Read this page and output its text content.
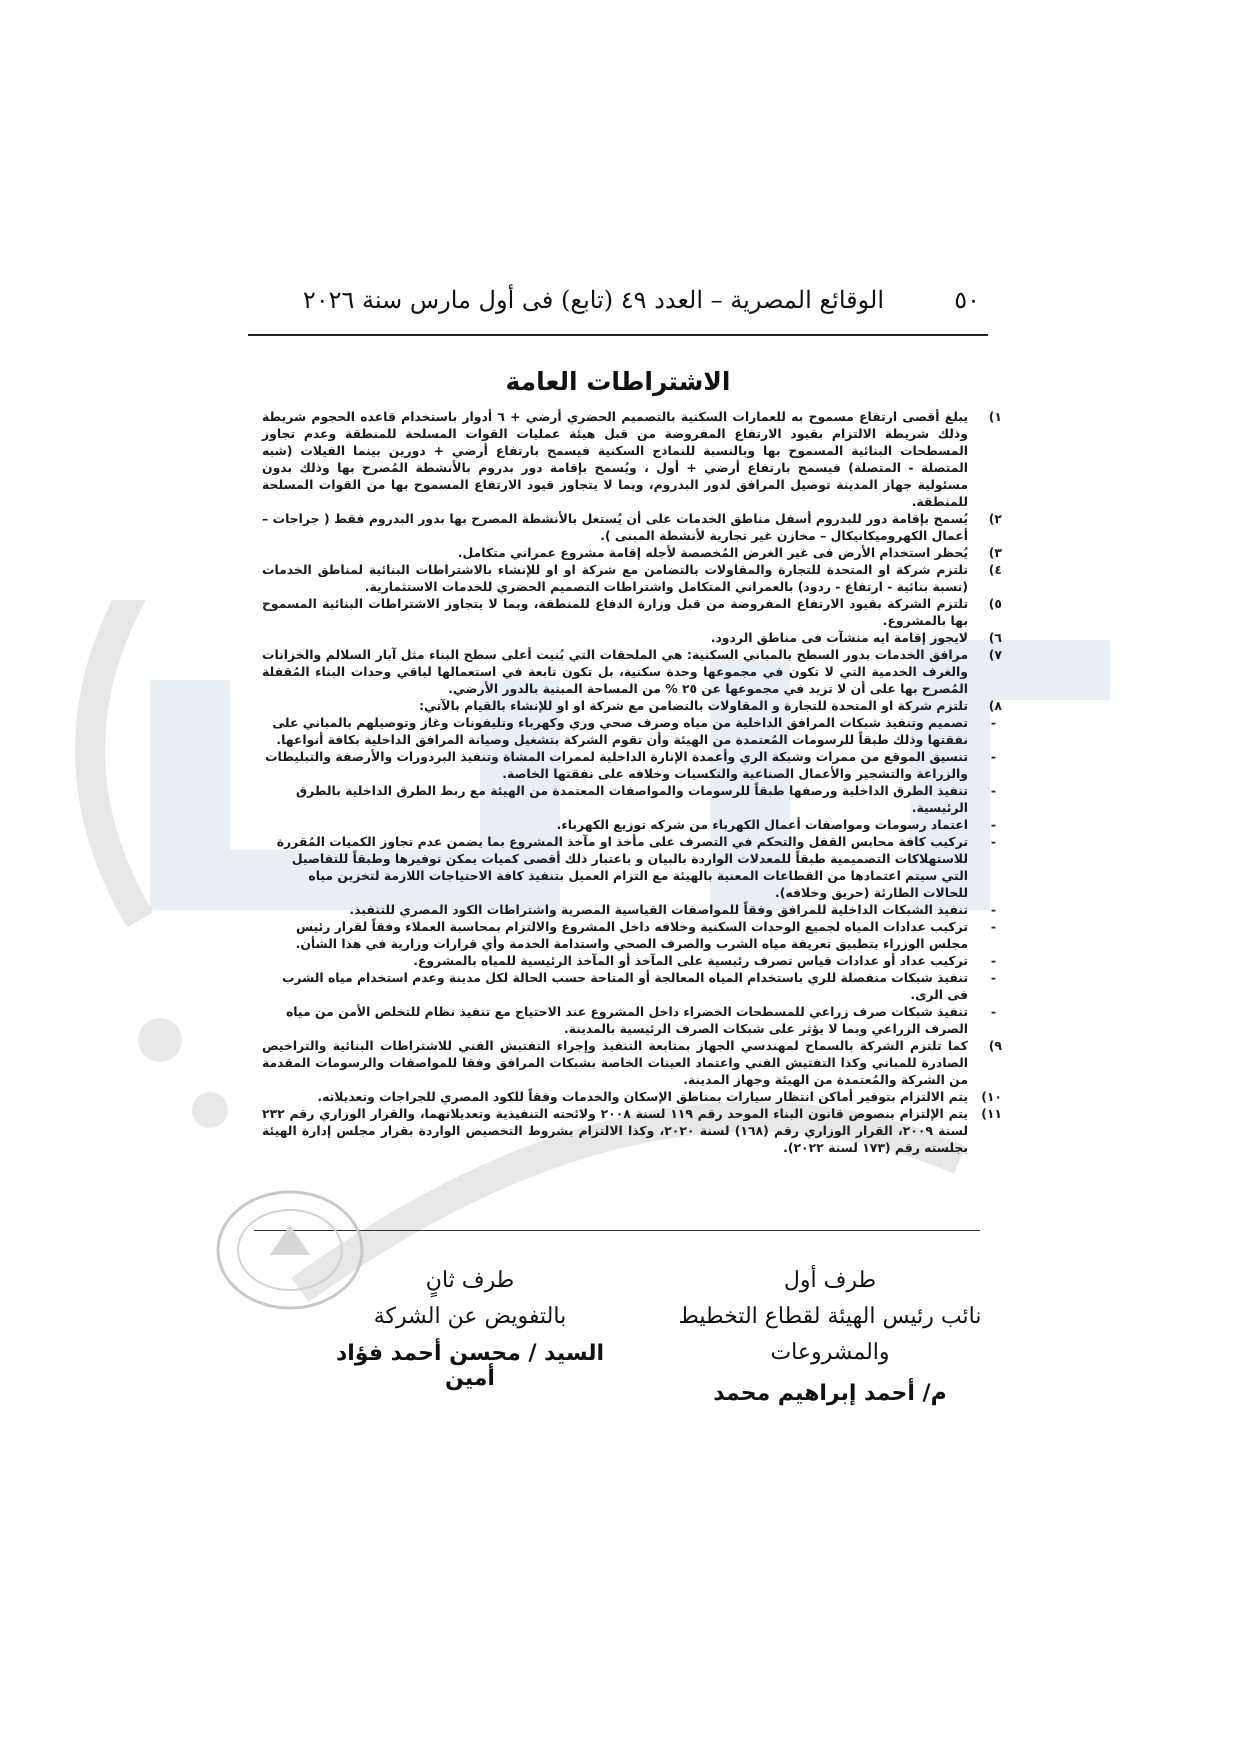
٥٠
الوقائع المصرية – العدد ٤٩ (تابع) فى أول مارس سنة ٢٠٢٦
الاشتراطات العامة

١)
يبلغ أقصى ارتفاع مسموح به للعمارات السكنية بالتصميم الحضري أرضي + ٦ أدوار باستخدام قاعده الحجوم شريطة وذلك شريطة الالتزام بقيود الارتفاع المفروضة من قبل هيئة عمليات القوات المسلحة للمنطقة وعدم تجاوز المسطحات البنائية المسموح بها وبالنسبة للنماذج السكنية فيسمح بارتفاع أرضي + دورين بينما الفيلات (شبه المتصلة - المتصلة) فيسمح بارتفاع أرضي + أول ، ويُسمح بإقامة دور بدروم بالأنشطة المُصرح بها وذلك بدون مسئولية جهاز المدينة توصيل المرافق لدور البدروم، وبما لا يتجاوز قيود الارتفاع المسموح بها من القوات المسلحة للمنطقة.

٢)
يُسمح بإقامة دور للبدروم أسفل مناطق الخدمات على أن يُستغل بالأنشطة المصرح بها بدور البدروم فقط ( جراجات – أعمال الكهروميكانيكال – مخازن غير تجارية لأنشطة المبنى ).

٣)
يُحظر استخدام الأرض فى غير الغرض المُخصصة لأجله إقامة مشروع عمراني متكامل.

٤)
تلتزم شركة او المتحدة للتجارة والمقاولات بالتضامن مع شركة او او للإنشاء بالاشتراطات البنائية لمناطق الخدمات (نسبة بنائية - ارتفاع - ردود) بالعمراني المتكامل واشتراطات التصميم الحضري للخدمات الاستثمارية.

٥)
تلتزم الشركة بقيود الارتفاع المفروضة من قبل وزارة الدفاع للمنطقة، وبما لا يتجاوز الاشتراطات البنائية المسموح بها بالمشروع.

٦)
لايجوز إقامة ايه منشآت فى مناطق الردود.

٧)
مرافق الخدمات بدور السطح بالمباني السكنية: هي الملحقات التي بُنيت أعلى سطح البناء مثل آبار السلالم والخزانات والغرف الخدمية التي لا تكون في مجموعها وحدة سكنية، بل تكون تابعة في استعمالها لباقي وحدات البناء المُقفلة المُصرح بها على أن لا تزيد في مجموعها عن ٢٥ % من المساحة المبنية بالدور الأرضي.

٨)
تلتزم شركة او المتحدة للتجارة و المقاولات بالتضامن مع شركة او او للإنشاء بالقيام بالآتي:

-
تصميم وتنفيذ شبكات المرافق الداخلية من مياه وصرف صحي وري وكهرباء وتليفونات وغاز وتوصيلهم بالمباني على نفقتها وذلك طبقاً للرسومات المُعتمدة من الهيئة وأن تقوم الشركة بتشغيل وصيانة المرافق الداخلية بكافة أنواعها.

-
تنسيق الموقع من ممرات وشبكة الري وأعمدة الإنارة الداخلية لممرات المشاة وتنفيذ البردورات والأرصفة والتبليطات والزراعة والتشجير والأعمال الصناعية والتكسيات وخلافه على نفقتها الخاصة.

-
تنفيذ الطرق الداخلية ورصفها طبقاً للرسومات والمواصفات المعتمدة من الهيئة مع ربط الطرق الداخلية بالطرق الرئيسية.

-
اعتماد رسومات ومواصفات أعمال الكهرباء من شركه توزيع الكهرباء.

-
تركيب كافة محابس القفل والتحكم في التصرف على مأخذ او مآخذ المشروع بما يضمن عدم تجاوز الكميات المُقررة للاستهلاكات التصميمية طبقاً للمعدلات الواردة بالبيان و باعتبار ذلك أقصى كميات يمكن توفيرها وطبقاً للتفاصيل التي سيتم اعتمادها من القطاعات المعنية بالهيئة مع التزام العميل بتنفيذ كافة الاحتياجات اللازمة لتخزين مياه للحالات الطارئة (حريق وخلافه).

-
تنفيذ الشبكات الداخلية للمرافق وفقاً للمواصفات القياسية المصرية واشتراطات الكود المصري للتنفيذ.

-
تركيب عدادات المياه لجميع الوحدات السكنية وخلافه داخل المشروع والالتزام بمحاسبة العملاء وفقاً لقرار رئيس مجلس الوزراء بتطبيق تعريفة مياه الشرب والصرف الصحي واستدامة الخدمة وأي قرارات وزارية في هذا الشأن.

-
تركيب عداد أو عدادات قياس تصرف رئيسية على المآخذ أو المآخذ الرئيسية للمياه بالمشروع.

-
تنفيذ شبكات منفصلة للري باستخدام المياه المعالجة أو المتاحة حسب الحالة لكل مدينة وعدم استخدام مياه الشرب فى الرى.

-
تنفيذ شبكات صرف زراعي للمسطحات الخضراء داخل المشروع عند الاحتياج مع تنفيذ نظام للتخلص الأمن من مياه الصرف الزراعي وبما لا يؤثر على شبكات الصرف الرئيسية بالمدينة.

٩)
كما تلتزم الشركة بالسماح لمهندسي الجهاز بمتابعة التنفيذ وإجراء التفتيش الفني للاشتراطات البنائية والتراخيص الصادرة للمباني وكذا التفتيش الفني واعتماد العينات الخاصة بشبكات المرافق وفقا للمواصفات والرسومات المقدمة من الشركة والمُعتمدة من الهيئة وجهاز المدينة.

١٠)
يتم الالتزام بتوفير أماكن انتظار سيارات بمناطق الإسكان والخدمات وفقاً للكود المصري للجراجات وتعديلاته.

١١)
يتم الإلتزام بنصوص قانون البناء الموحد رقم ١١٩ لسنة ٢٠٠٨ ولائحته التنفيذية وتعديلاتهما، والقرار الوزاري رقم ٢٣٢ لسنة ٢٠٠٩، القرار الوزاري رقم (١٦٨) لسنة ٢٠٢٠، وكذا الالتزام بشروط التخصيص الواردة بقرار مجلس إدارة الهيئة بجلسته رقم (١٧٣ لسنة ٢٠٢٢).

طرف أول
نائب رئيس الهيئة لقطاع التخطيط
والمشروعات
م/ أحمد إبراهيم محمد
طرف ثانٍ
بالتفويض عن الشركة
السيد / محسن أحمد فؤاد أمين
